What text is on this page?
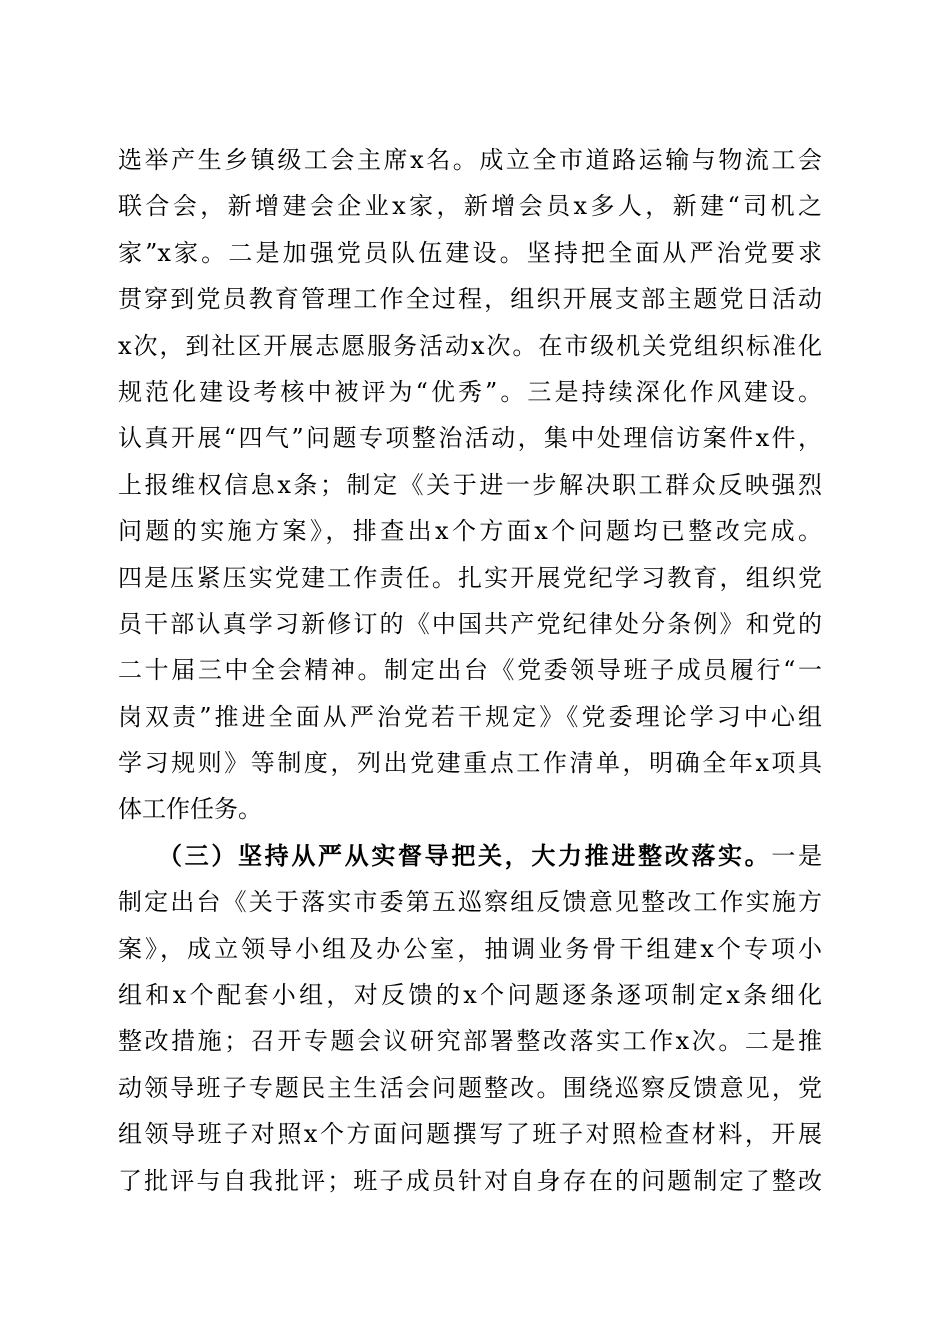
选举产生乡镇级工会主席x名。成立全市道路运输与物流工会
联合会，新增建会企业x家，新增会员x多人，新建“司机之
家”x家。二是加强党员队伍建设。坚持把全面从严治党要求
贯穿到党员教育管理工作全过程，组织开展支部主题党日活动
x次，到社区开展志愿服务活动x次。在市级机关党组织标准化
规范化建设考核中被评为“优秀”。三是持续深化作风建设。
认真开展“四气”问题专项整治活动，集中处理信访案件x件，
上报维权信息x条；制定《关于进一步解决职工群众反映强烈
问题的实施方案》，排查出x个方面x个问题均已整改完成。
四是压紧压实党建工作责任。扎实开展党纪学习教育，组织党
员干部认真学习新修订的《中国共产党纪律处分条例》和党的
二十届三中全会精神。制定出台《党委领导班子成员履行“一
岗双责”推进全面从严治党若干规定》《党委理论学习中心组
学习规则》等制度，列出党建重点工作清单，明确全年x项具
体工作任务。
（三）坚持从严从实督导把关，大力推进整改落实。一是
制定出台《关于落实市委第五巡察组反馈意见整改工作实施方
案》，成立领导小组及办公室，抽调业务骨干组建x个专项小
组和x个配套小组，对反馈的x个问题逐条逐项制定x条细化
整改措施；召开专题会议研究部署整改落实工作x次。二是推
动领导班子专题民主生活会问题整改。围绕巡察反馈意见，党
组领导班子对照x个方面问题撰写了班子对照检查材料，开展
了批评与自我批评；班子成员针对自身存在的问题制定了整改
